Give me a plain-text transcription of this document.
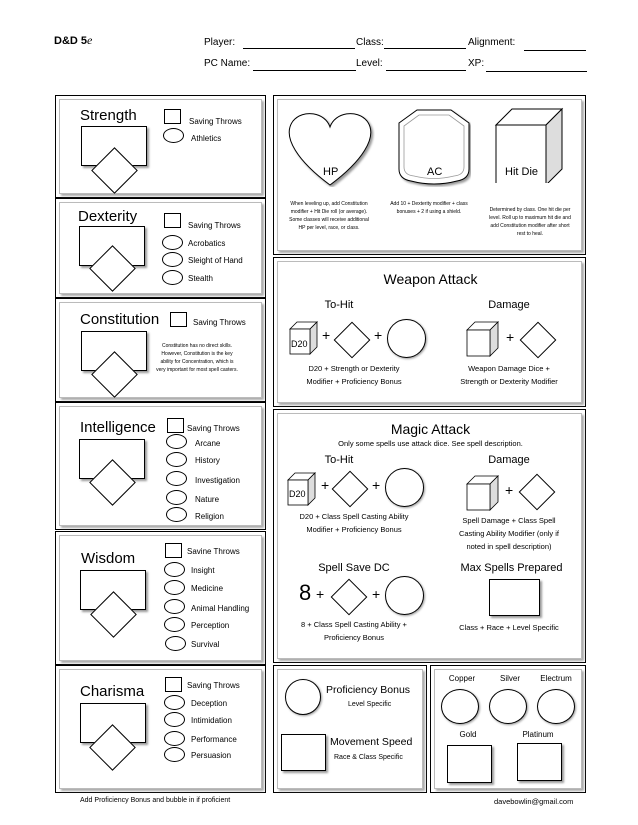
D&D 5e	Player:	Class:	Alignment:
PC Name:	Level:	XP:
Strength	Saving Throws
Athletics
Dexterity
Saving Throws
Acrobatics
Sleight of Hand
Stealth
Constitution	Saving Throws
Constitution has no direct skills. However, Constitution is the key ability for Concentration, which is very important for most spell casters.
Intelligence	Saving Throws
Arcane
History
Investigation
Nature
Religion
Wisdom	Savine Throws
Insight
Medicine
Animal Handling
Perception
Survival
Charisma	Saving Throws
Deception
Intimidation
Performance
Persuasion
Add Proficiency Bonus and bubble in if proficient
HP	AC	Hit Die
When leveling up, add Constitution modifier + Hit Die roll (or average). Some classes will receive additional HP per level, race, or class.
Add 10 + Dexterity modifier + class bonuses + 2 if using a shield.	Determined by class. One hit die per level. Roll up to maximum hit die and add Constitution modifier after short rest to heal.
Weapon Attack
To-Hit	Damage
D20
+	+
D20 + Strength or Dexterity
Modifier + Proficiency Bonus
+
Weapon Damage Dice +
Strength or Dexterity Modifier
Magic Attack
Only some spells use attack dice. See spell description.
To-Hit	Damage
D20
+	+
D20 + Class Spell Casting Ability
Modifier + Proficiency Bonus
+
Spell Damage + Class Spell
Casting Ability Modifier (only if
noted in spell description)
Spell Save DC
8 +	+
8 + Class Spell Casting Ability +
Proficiency Bonus
Max Spells Prepared
Class + Race + Level Specific
Proficiency Bonus
Level Specific
Movement Speed
Race & Class Specific
Copper	Silver	Electrum
Gold	Platinum
davebowlin@gmail.com
